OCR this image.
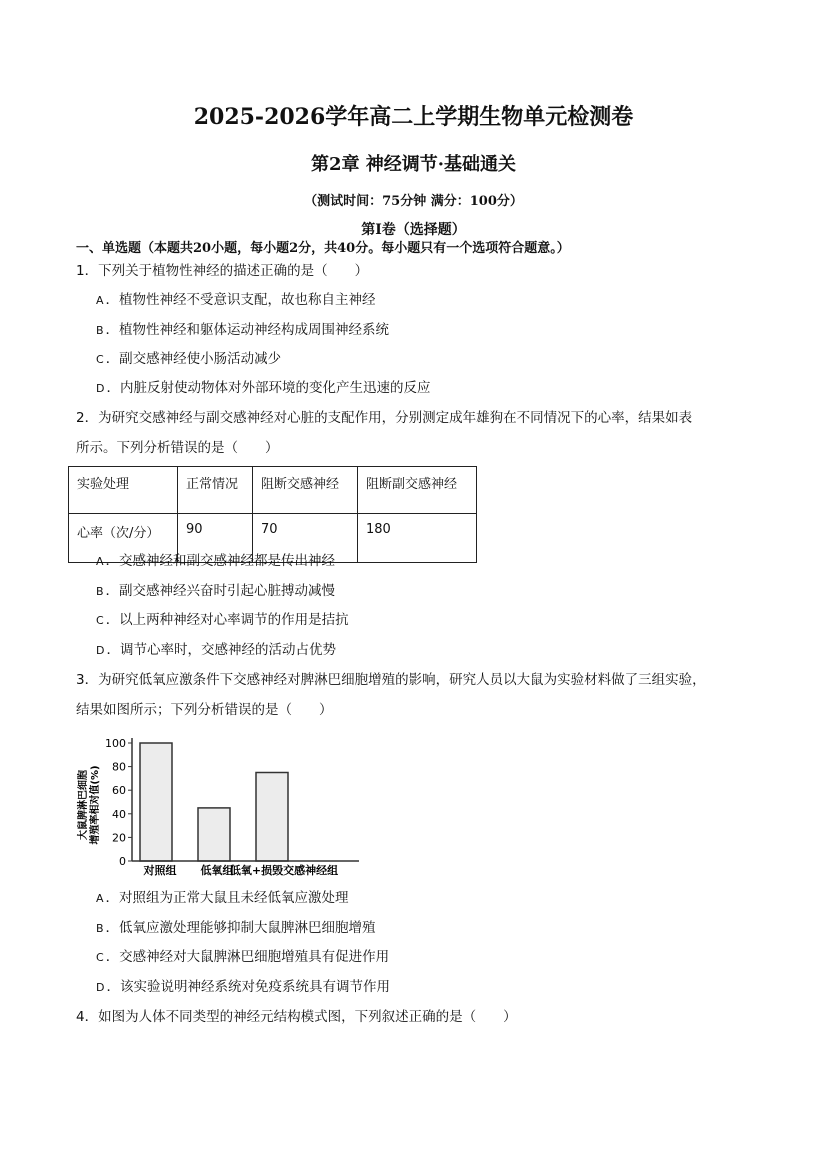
2025-2026学年高二上学期生物单元检测卷
第2章 神经调节·基础通关
（测试时间：75分钟 满分：100分）
第I卷（选择题）
一、单选题（本题共20小题，每小题2分，共40分。每小题只有一个选项符合题意。）
1．下列关于植物性神经的描述正确的是（　　）
A ．植物性神经不受意识支配，故也称自主神经
B ．植物性神经和躯体运动神经构成周围神经系统
C ．副交感神经使小肠活动减少
D ．内脏反射使动物体对外部环境的变化产生迅速的反应
2．为研究交感神经与副交感神经对心脏的支配作用，分别测定成年雄狗在不同情况下的心率，结果如表
所示。下列分析错误的是（　　）
实验处理	正常情况	阻断交感神经	阻断副交感神经
心率（次/分）	90	70	180
A ．交感神经和副交感神经都是传出神经
B ．副交感神经兴奋时引起心脏搏动减慢
C ．以上两种神经对心率调节的作用是拮抗
D ．调节心率时，交感神经的活动占优势
3．为研究低氧应激条件下交感神经对脾淋巴细胞增殖的影响，研究人员以大鼠为实验材料做了三组实验，
结果如图所示；下列分析错误的是（　　）
大鼠脾淋巴细胞 增殖率相对值(%)
0
20
40
60
80
100
对照组 低氧组
低氧+损毁交感神经组
A ．对照组为正常大鼠且未经低氧应激处理
B ．低氧应激处理能够抑制大鼠脾淋巴细胞增殖
C ．交感神经对大鼠脾淋巴细胞增殖具有促进作用
D ．该实验说明神经系统对免疫系统具有调节作用
4．如图为人体不同类型的神经元结构模式图，下列叙述正确的是（　　）
